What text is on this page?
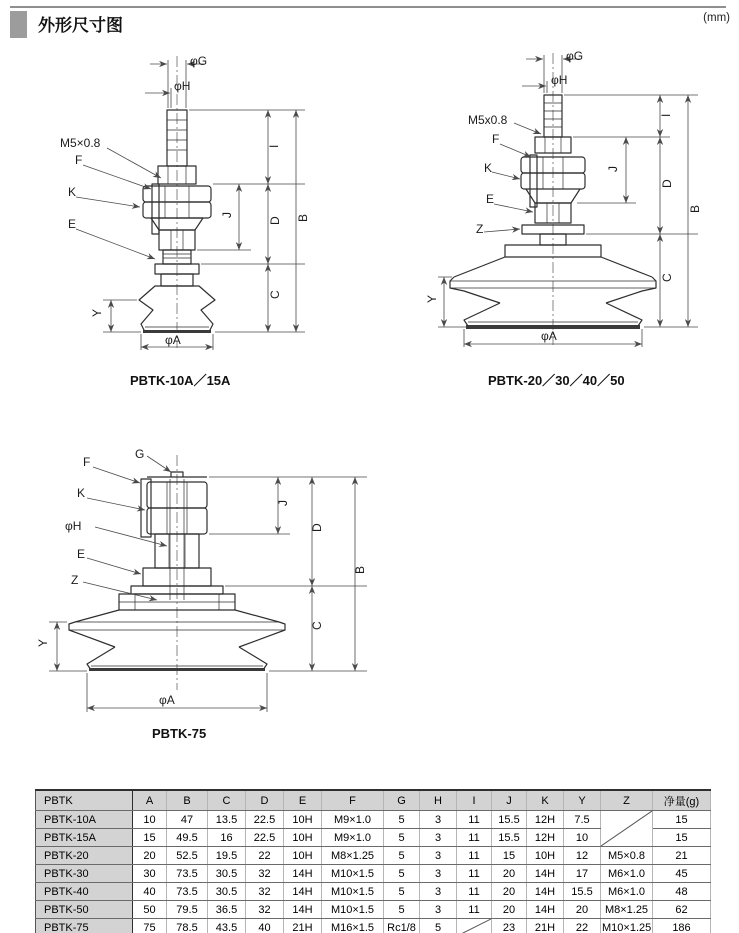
外形尺寸图	(mm)
φG
φH
M5×0.8
F
K
E
I
J
D B
C
Y
φA
PBTK-10A／15A
φG
φH
M5x0.8
F
K
E
Z
I
J
D
B
C
Y
φA
PBTK-20／30／40／50
G
F
K
φH
E
Z
J
D
B
C
Y
φA
PBTK-75
PBTK	A	B	C	D	E	F	G	H	I	J	K	Y	Z	净量(g)
PBTK-10A	10	47	13.5	22.5	10H	M9×1.0	5	3	11	15.5	12H	7.5		15
PBTK-15A	15	49.5	16	22.5	10H	M9×1.0	5	3	11	15.5	12H	10		15
PBTK-20	20	52.5	19.5	22	10H	M8×1.25	5	3	11	15	10H	12	M5×0.8	21
PBTK-30	30	73.5	30.5	32	14H	M10×1.5	5	3	11	20	14H	17	M6×1.0	45
PBTK-40	40	73.5	30.5	32	14H	M10×1.5	5	3	11	20	14H	15.5	M6×1.0	48
PBTK-50	50	79.5	36.5	32	14H	M10×1.5	5	3	11	20	14H	20	M8×1.25	62
PBTK-75	75	78.5	43.5	40	21H	M16×1.5	Rc1/8	5		23	21H	22	M10×1.25	186
